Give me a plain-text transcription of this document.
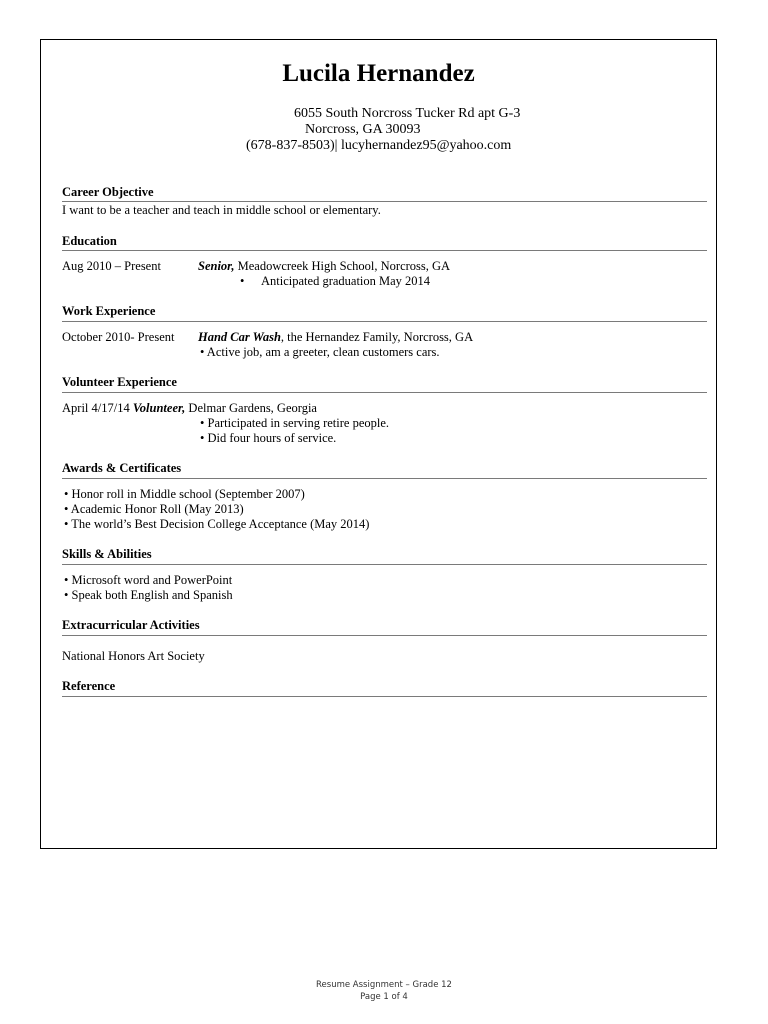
Lucila Hernandez
6055 South Norcross Tucker Rd apt G-3
Norcross, GA 30093
(678-837-8503)| lucyhernandez95@yahoo.com
Career Objective
I want to be a teacher and teach in middle school or elementary.
Education
Aug 2010 – Present	Senior, Meadowcreek High School, Norcross, GA
• Anticipated graduation May 2014
Work Experience
October 2010- Present Hand Car Wash, the Hernandez Family, Norcross, GA
• Active job, am a greeter, clean customers cars.
Volunteer Experience
April 4/17/14 Volunteer, Delmar Gardens, Georgia
• Participated in serving retire people.
• Did four hours of service.
Awards & Certificates
• Honor roll in Middle school (September 2007)
• Academic Honor Roll (May 2013)
• The world’s Best Decision College Acceptance (May 2014)
Skills & Abilities
• Microsoft word and PowerPoint
• Speak both English and Spanish
Extracurricular Activities
National Honors Art Society
Reference
Resume Assignment – Grade 12
Page 1 of 4
